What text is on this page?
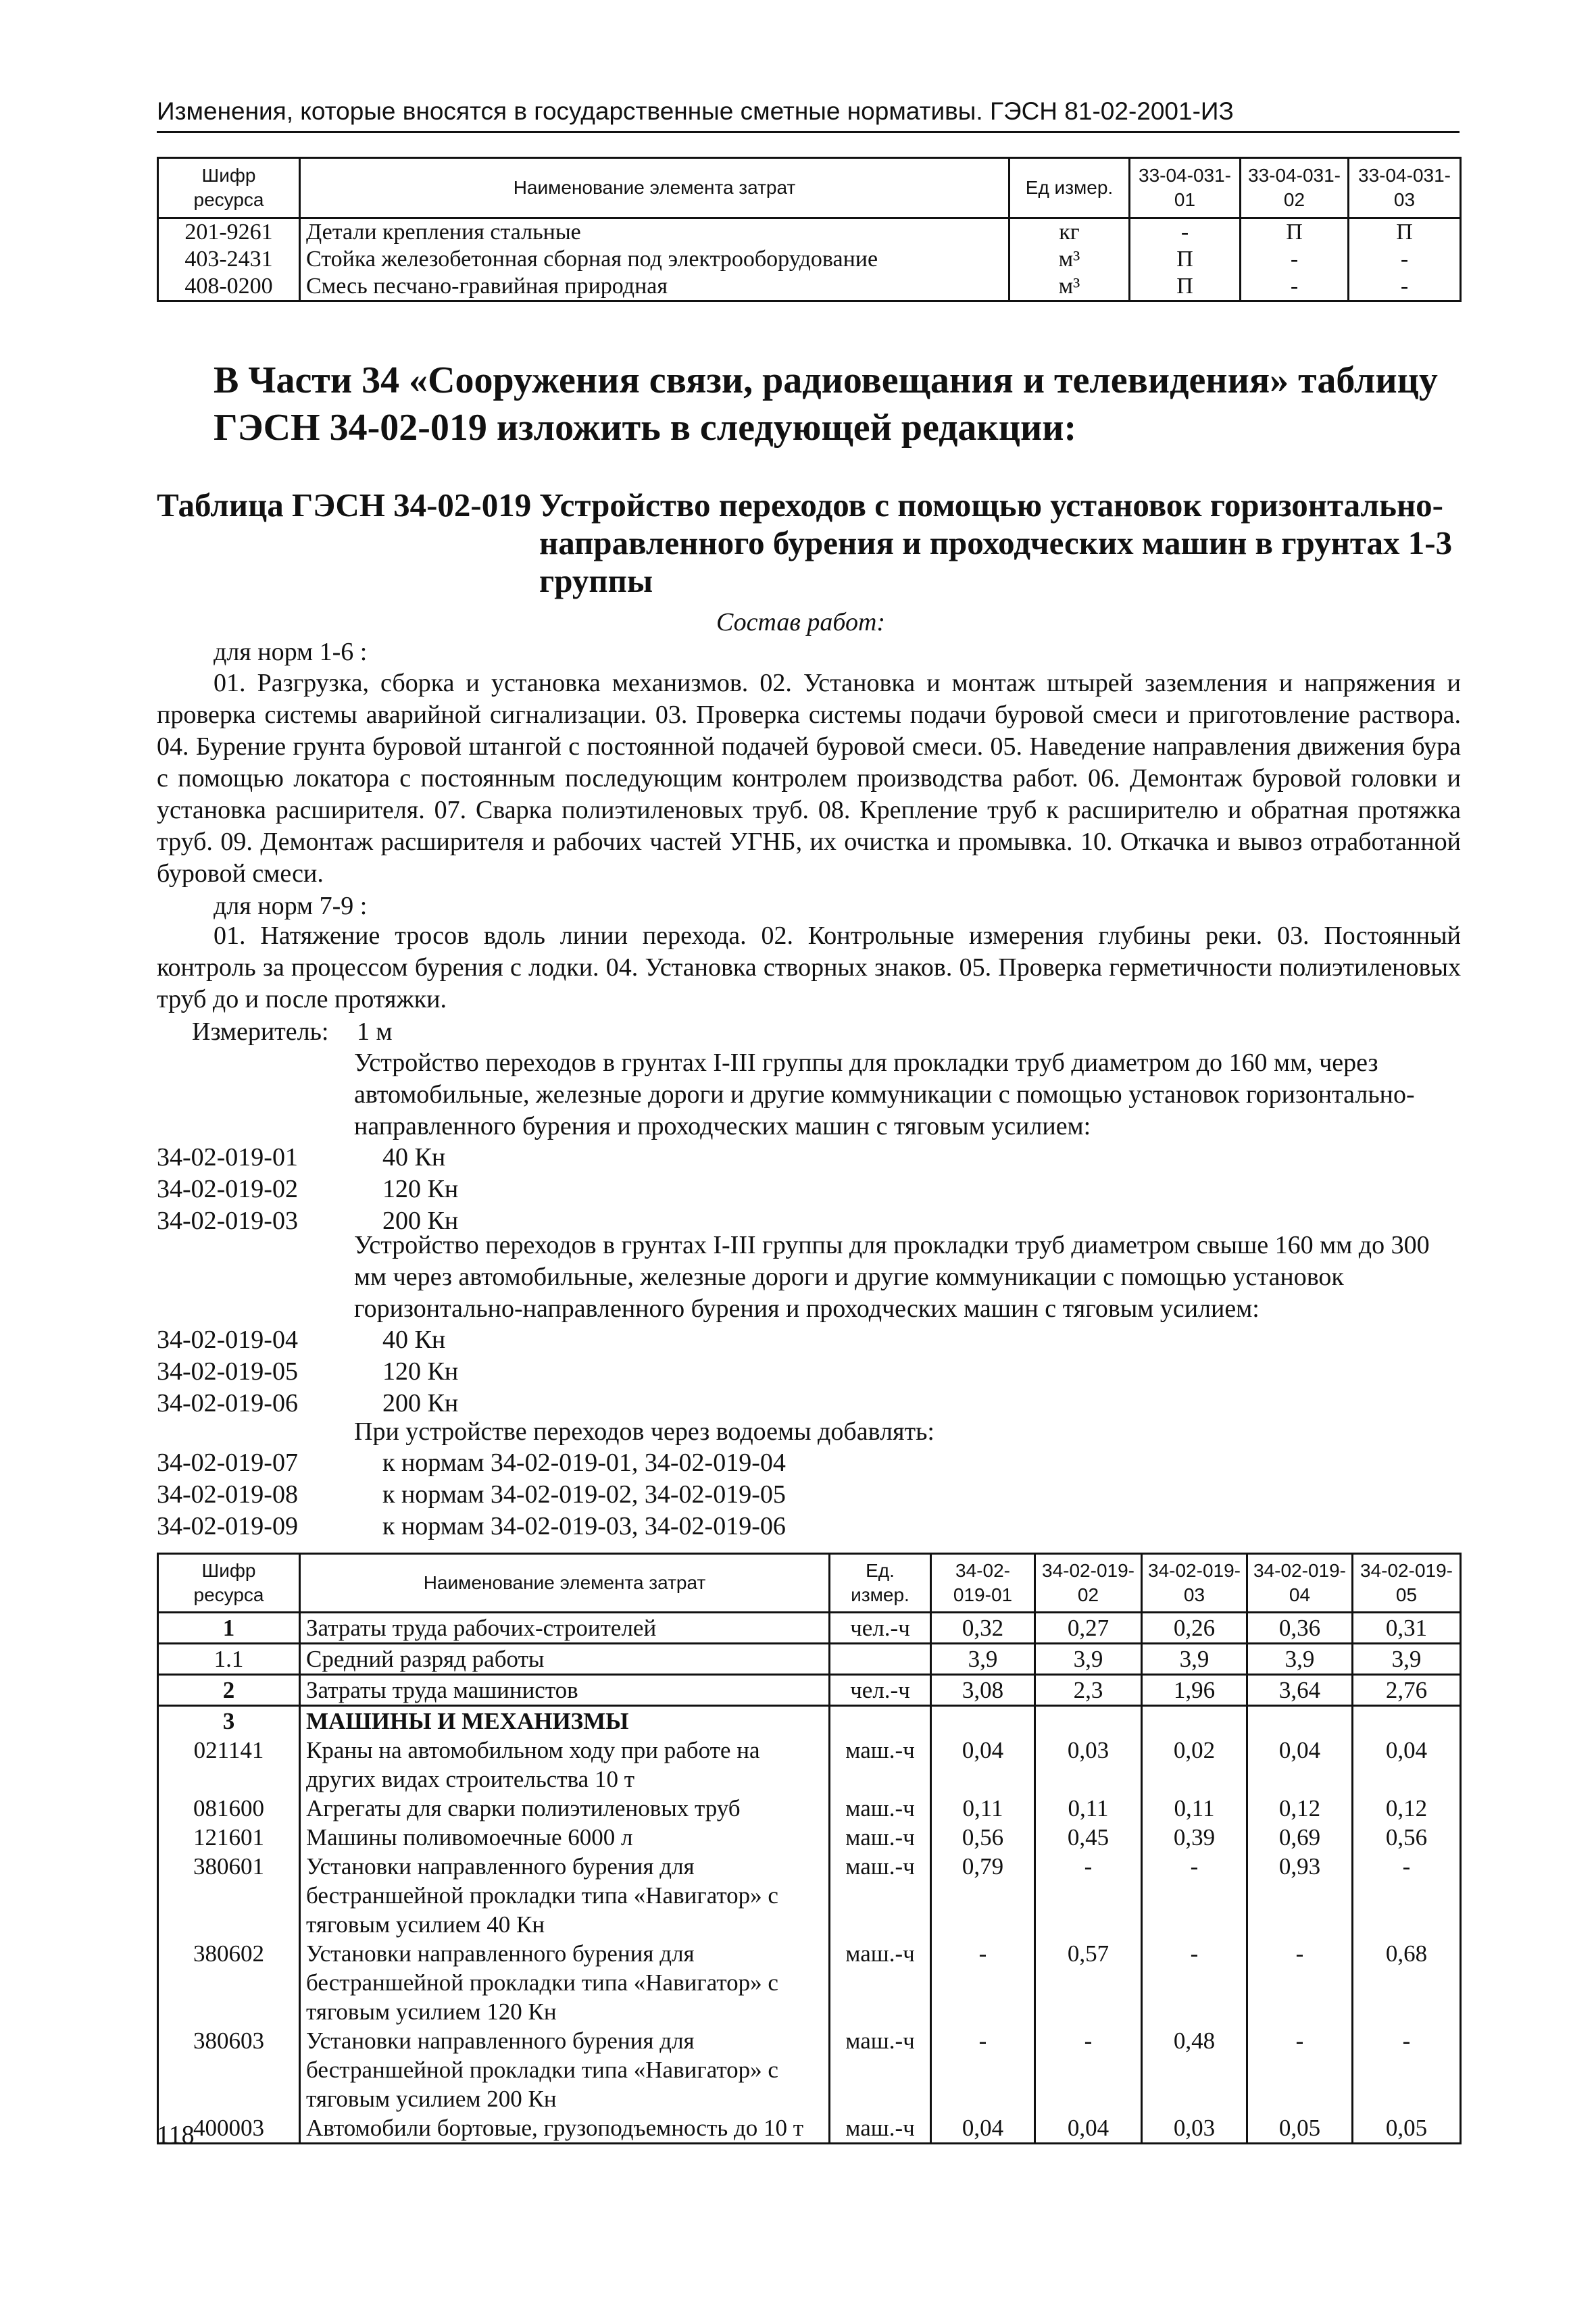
Изменения, которые вносятся в государственные сметные нормативы. ГЭСН 81-02-2001-ИЗ
Шифр ресурса	Наименование элемента затрат	Ед измер.	33-04-031-01	33-04-031-02	33-04-031-03
201-9261	Детали крепления стальные	кг	-	П	П
403-2431	Стойка железобетонная сборная под электрооборудование	м³	П	-	-
408-0200	Смесь песчано-гравийная природная	м³	П	-	-
В Части 34 «Сооружения связи, радиовещания и телевидения» таблицу ГЭСН 34-02-019 изложить в следующей редакции:
Таблица ГЭСН 34-02-019 Устройство переходов с помощью установок горизонтально-направленного бурения и проходческих машин в грунтах 1-3 группы
Состав работ:
для норм 1-6 :
01. Разгрузка, сборка и установка механизмов. 02. Установка и монтаж штырей заземления и напряжения и проверка системы аварийной сигнализации. 03. Проверка системы подачи буровой смеси и приготовление раствора. 04. Бурение грунта буровой штангой с постоянной подачей буровой смеси. 05. Наведение направления движения бура с помощью локатора с постоянным последующим контролем производства работ. 06. Демонтаж буровой головки и установка расширителя. 07. Сварка полиэтиленовых труб. 08. Крепление труб к расширителю и обратная протяжка труб. 09. Демонтаж расширителя и рабочих частей УГНБ, их очистка и промывка. 10. Откачка и вывоз отработанной буровой смеси.
для норм 7-9 :
01. Натяжение тросов вдоль линии перехода. 02. Контрольные измерения глубины реки. 03. Постоянный контроль за процессом бурения с лодки. 04. Установка створных знаков. 05. Проверка герметичности полиэтиленовых труб до и после протяжки.
Измеритель: 1 м
Устройство переходов в грунтах I-III группы для прокладки труб диаметром до 160 мм, через автомобильные, железные дороги и другие коммуникации с помощью установок горизонтально-направленного бурения и проходческих машин с тяговым усилием:
34-02-019-01	40 Кн
34-02-019-02	120 Кн
34-02-019-03	200 Кн
Устройство переходов в грунтах I-III группы для прокладки труб диаметром свыше 160 мм до 300 мм через автомобильные, железные дороги и другие коммуникации с помощью установок горизонтально-направленного бурения и проходческих машин с тяговым усилием:
34-02-019-04	40 Кн
34-02-019-05	120 Кн
34-02-019-06	200 Кн
При устройстве переходов через водоемы добавлять:
34-02-019-07	к нормам 34-02-019-01, 34-02-019-04
34-02-019-08	к нормам 34-02-019-02, 34-02-019-05
34-02-019-09	к нормам 34-02-019-03, 34-02-019-06
Шифр ресурса	Наименование элемента затрат	Ед. измер.	34-02-019-01	34-02-019-02	34-02-019-03	34-02-019-04	34-02-019-05
1	Затраты труда рабочих-строителей	чел.-ч	0,32	0,27	0,26	0,36	0,31
1.1	Средний разряд работы		3,9	3,9	3,9	3,9	3,9
2	Затраты труда машинистов	чел.-ч	3,08	2,3	1,96	3,64	2,76
3	МАШИНЫ И МЕХАНИЗМЫ						
021141	Краны на автомобильном ходу при работе на других видах строительства 10 т	маш.-ч	0,04	0,03	0,02	0,04	0,04
081600	Агрегаты для сварки полиэтиленовых труб	маш.-ч	0,11	0,11	0,11	0,12	0,12
121601	Машины поливомоечные 6000 л	маш.-ч	0,56	0,45	0,39	0,69	0,56
380601	Установки направленного бурения для бестраншейной прокладки типа «Навигатор» с тяговым усилием 40 Кн	маш.-ч	0,79	-	-	0,93	-
380602	Установки направленного бурения для бестраншейной прокладки типа «Навигатор» с тяговым усилием 120 Кн	маш.-ч	-	0,57	-	-	0,68
380603	Установки направленного бурения для бестраншейной прокладки типа «Навигатор» с тяговым усилием 200 Кн	маш.-ч	-	-	0,48	-	-
400003	Автомобили бортовые, грузоподъемность до 10 т	маш.-ч	0,04	0,04	0,03	0,05	0,05
118
